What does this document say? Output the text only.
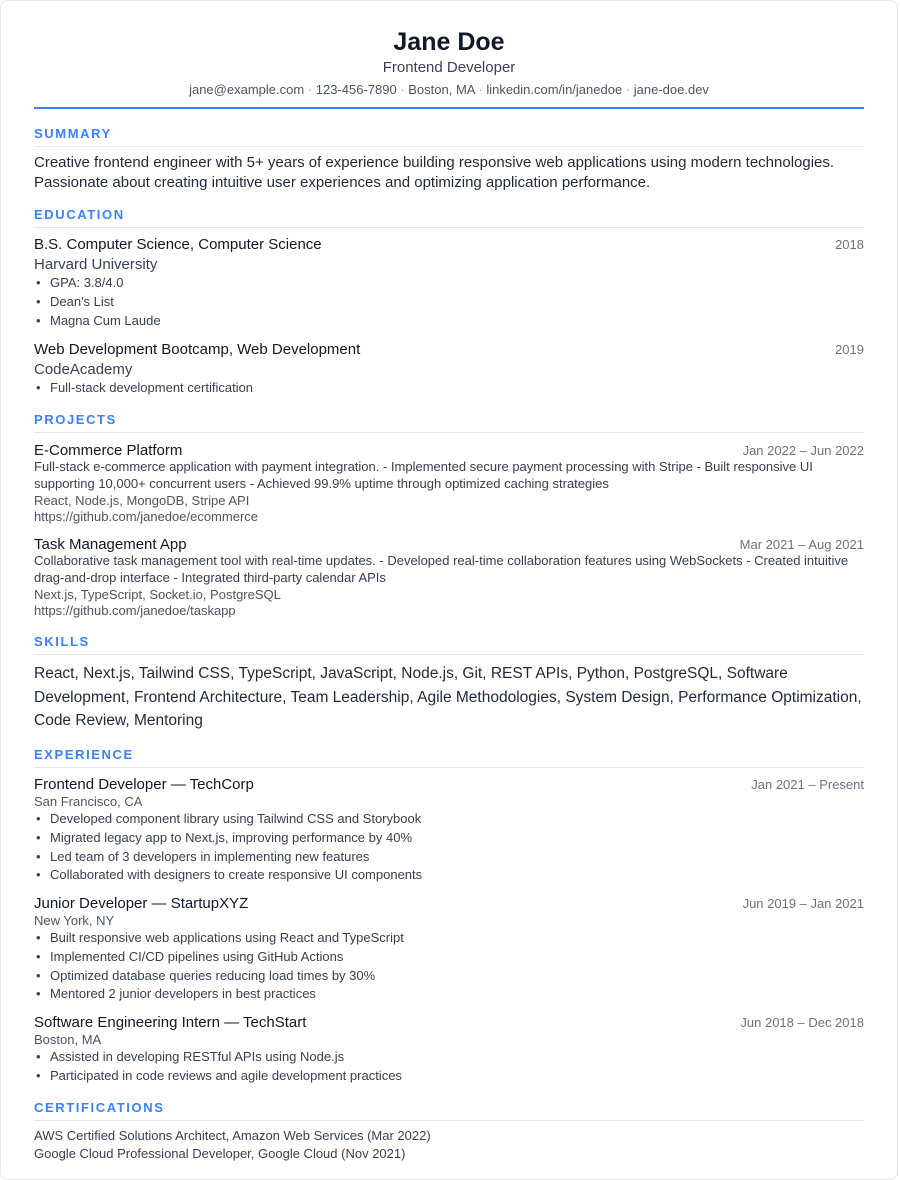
Jane Doe
Frontend Developer
jane@example.com · 123-456-7890 · Boston, MA · linkedin.com/in/janedoe · jane-doe.dev
SUMMARY
Creative frontend engineer with 5+ years of experience building responsive web applications using modern technologies. Passionate about creating intuitive user experiences and optimizing application performance.
EDUCATION
B.S. Computer Science, Computer Science	2018
Harvard University
• GPA: 3.8/4.0
• Dean's List
• Magna Cum Laude
Web Development Bootcamp, Web Development	2019
CodeAcademy
• Full-stack development certification
PROJECTS
E-Commerce Platform	Jan 2022 – Jun 2022
Full-stack e-commerce application with payment integration. - Implemented secure payment processing with Stripe - Built responsive UI supporting 10,000+ concurrent users - Achieved 99.9% uptime through optimized caching strategies
React, Node.js, MongoDB, Stripe API
https://github.com/janedoe/ecommerce
Task Management App	Mar 2021 – Aug 2021
Collaborative task management tool with real-time updates. - Developed real-time collaboration features using WebSockets - Created intuitive drag-and-drop interface - Integrated third-party calendar APIs
Next.js, TypeScript, Socket.io, PostgreSQL
https://github.com/janedoe/taskapp
SKILLS
React, Next.js, Tailwind CSS, TypeScript, JavaScript, Node.js, Git, REST APIs, Python, PostgreSQL, Software Development, Frontend Architecture, Team Leadership, Agile Methodologies, System Design, Performance Optimization, Code Review, Mentoring
EXPERIENCE
Frontend Developer — TechCorp	Jan 2021 – Present
San Francisco, CA
• Developed component library using Tailwind CSS and Storybook
• Migrated legacy app to Next.js, improving performance by 40%
• Led team of 3 developers in implementing new features
• Collaborated with designers to create responsive UI components
Junior Developer — StartupXYZ	Jun 2019 – Jan 2021
New York, NY
• Built responsive web applications using React and TypeScript
• Implemented CI/CD pipelines using GitHub Actions
• Optimized database queries reducing load times by 30%
• Mentored 2 junior developers in best practices
Software Engineering Intern — TechStart	Jun 2018 – Dec 2018
Boston, MA
• Assisted in developing RESTful APIs using Node.js
• Participated in code reviews and agile development practices
CERTIFICATIONS
AWS Certified Solutions Architect, Amazon Web Services (Mar 2022)
Google Cloud Professional Developer, Google Cloud (Nov 2021)
